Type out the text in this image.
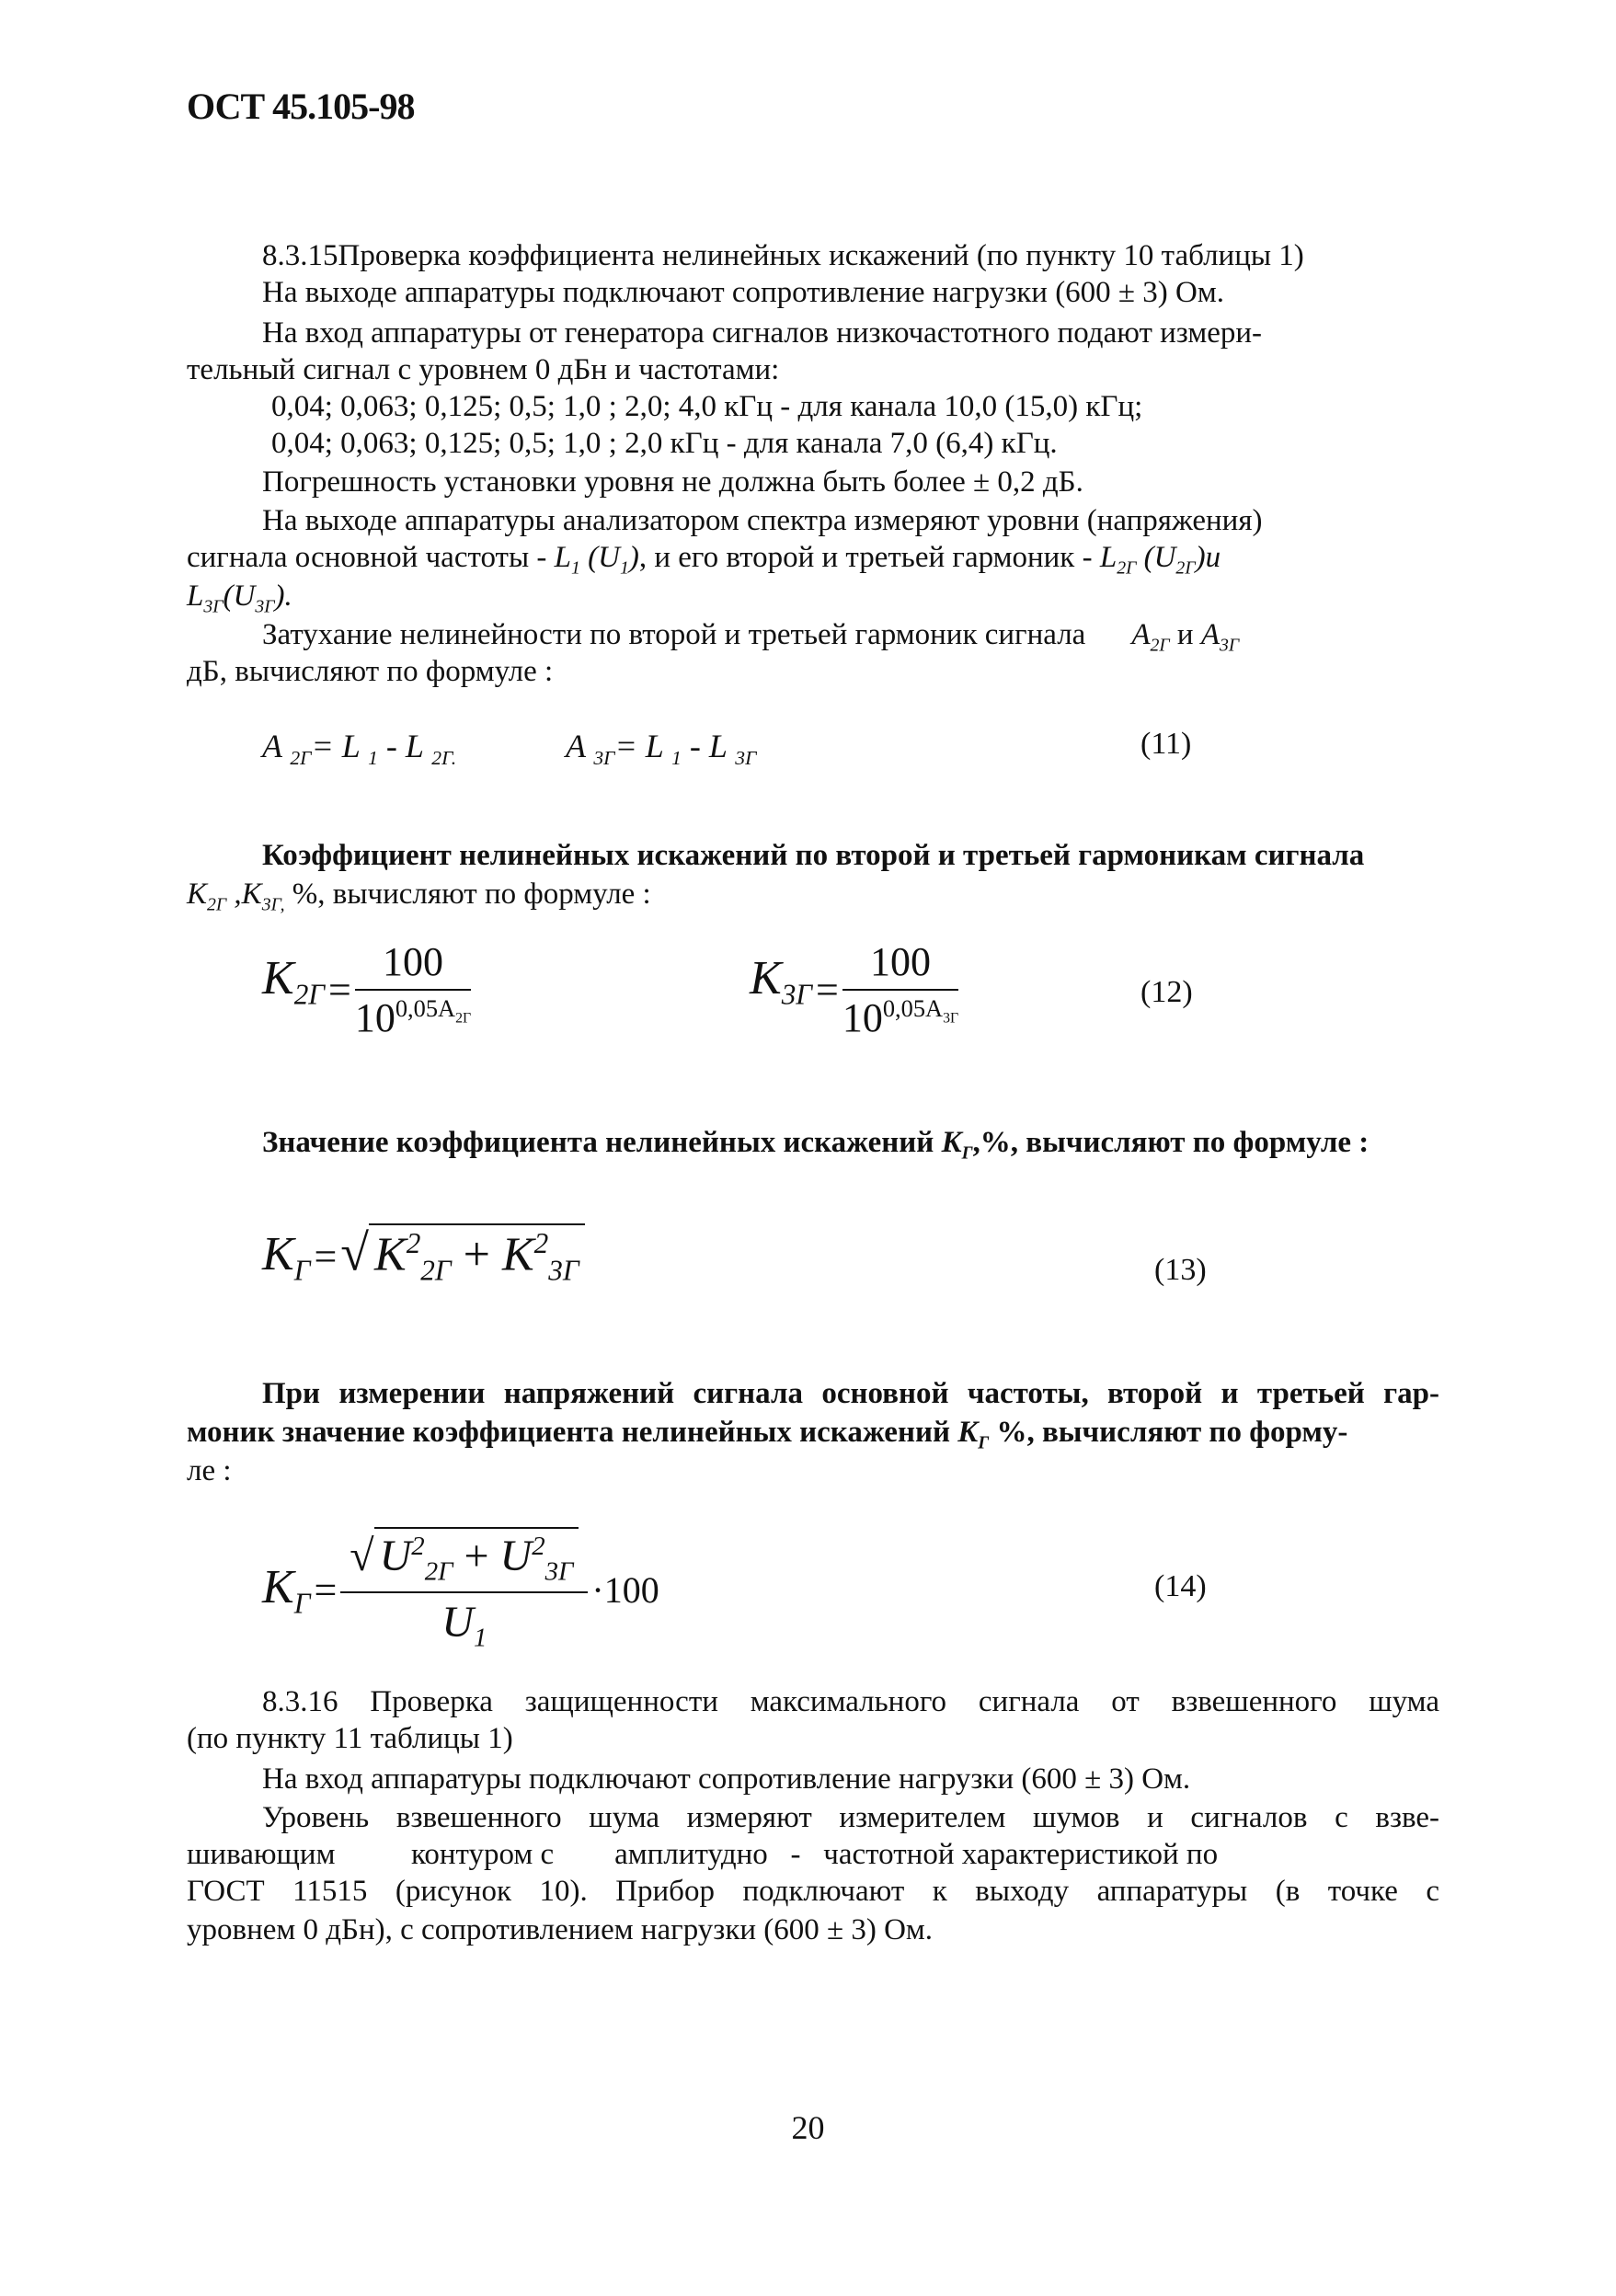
ОСТ 45.105-98
8.3.15Проверка коэффициента нелинейных искажений (по пункту 10 таблицы 1)
На выходе аппаратуры подключают сопротивление нагрузки (600 ± 3) Ом.
На вход аппаратуры от генератора сигналов низкочастотного подают измери-
тельный сигнал с уровнем 0 дБн и частотами:
0,04; 0,063; 0,125; 0,5; 1,0 ; 2,0; 4,0 кГц - для канала 10,0 (15,0) кГц;
0,04; 0,063; 0,125; 0,5; 1,0 ; 2,0 кГц - для канала 7,0 (6,4) кГц.
Погрешность установки уровня не должна быть более ± 0,2 дБ.
На выходе аппаратуры анализатором спектра измеряют уровни (напряжения)
сигнала основной частоты - $L_1$ $(U_1)$, и его второй и третьей гармоник - $L_{2Г}$ $(U_{2Г})и$
$L_{3Г}(U_{3Г})$.
Затухание нелинейности по второй и третьей гармоник сигнала $A_{2Г}$ и $A_{3Г}$
дБ, вычисляют по формуле :
A $_{2Г}$= L $_1$ - L $_{2Г.}$	A $_{3Г}$= L $_1$ - L $_{3Г}$	(11)
Коэффициент нелинейных искажений по второй и третьей гармоникам сигнала
$K_{2Г}$ $,K_{3Г,}$ %, вычисляют по формуле :
$K_{2Г} = \frac{100}{10^{0,05A_{2Г}}}$	$K_{3Г} = \frac{100}{10^{0,05A_{3Г}}}$	(12)
Значение коэффициента нелинейных искажений $K_Г,\%$, вычисляют по формуле :
$K_Г$ = √ $K^2_{2Г} + K^2_{3Г}$	(13)
При измерении напряжений сигнала основной частоты, второй и третьей гар-
моник значение коэффициента нелинейных искажений $K_Г$ %, вычисляют по форму-
ле :
$K_Г = \frac{√ U^2_{2Г} + U^2_{3Г}}{U_1} \cdot 100$	(14)
8.3.16 Проверка защищенности максимального сигнала от взвешенного шума
(по пункту 11 таблицы 1)
На вход аппаратуры подключают сопротивление нагрузки (600 ± 3) Ом.
Уровень взвешенного шума измеряют измерителем шумов и сигналов с взве-
шивающим          контуром с        амплитудно   -   частотной характеристикой по
ГОСТ 11515 (рисунок 10). Прибор подключают к выходу аппаратуры (в точке с
уровнем 0 дБн), с сопротивлением нагрузки (600 ± 3) Ом.
20
